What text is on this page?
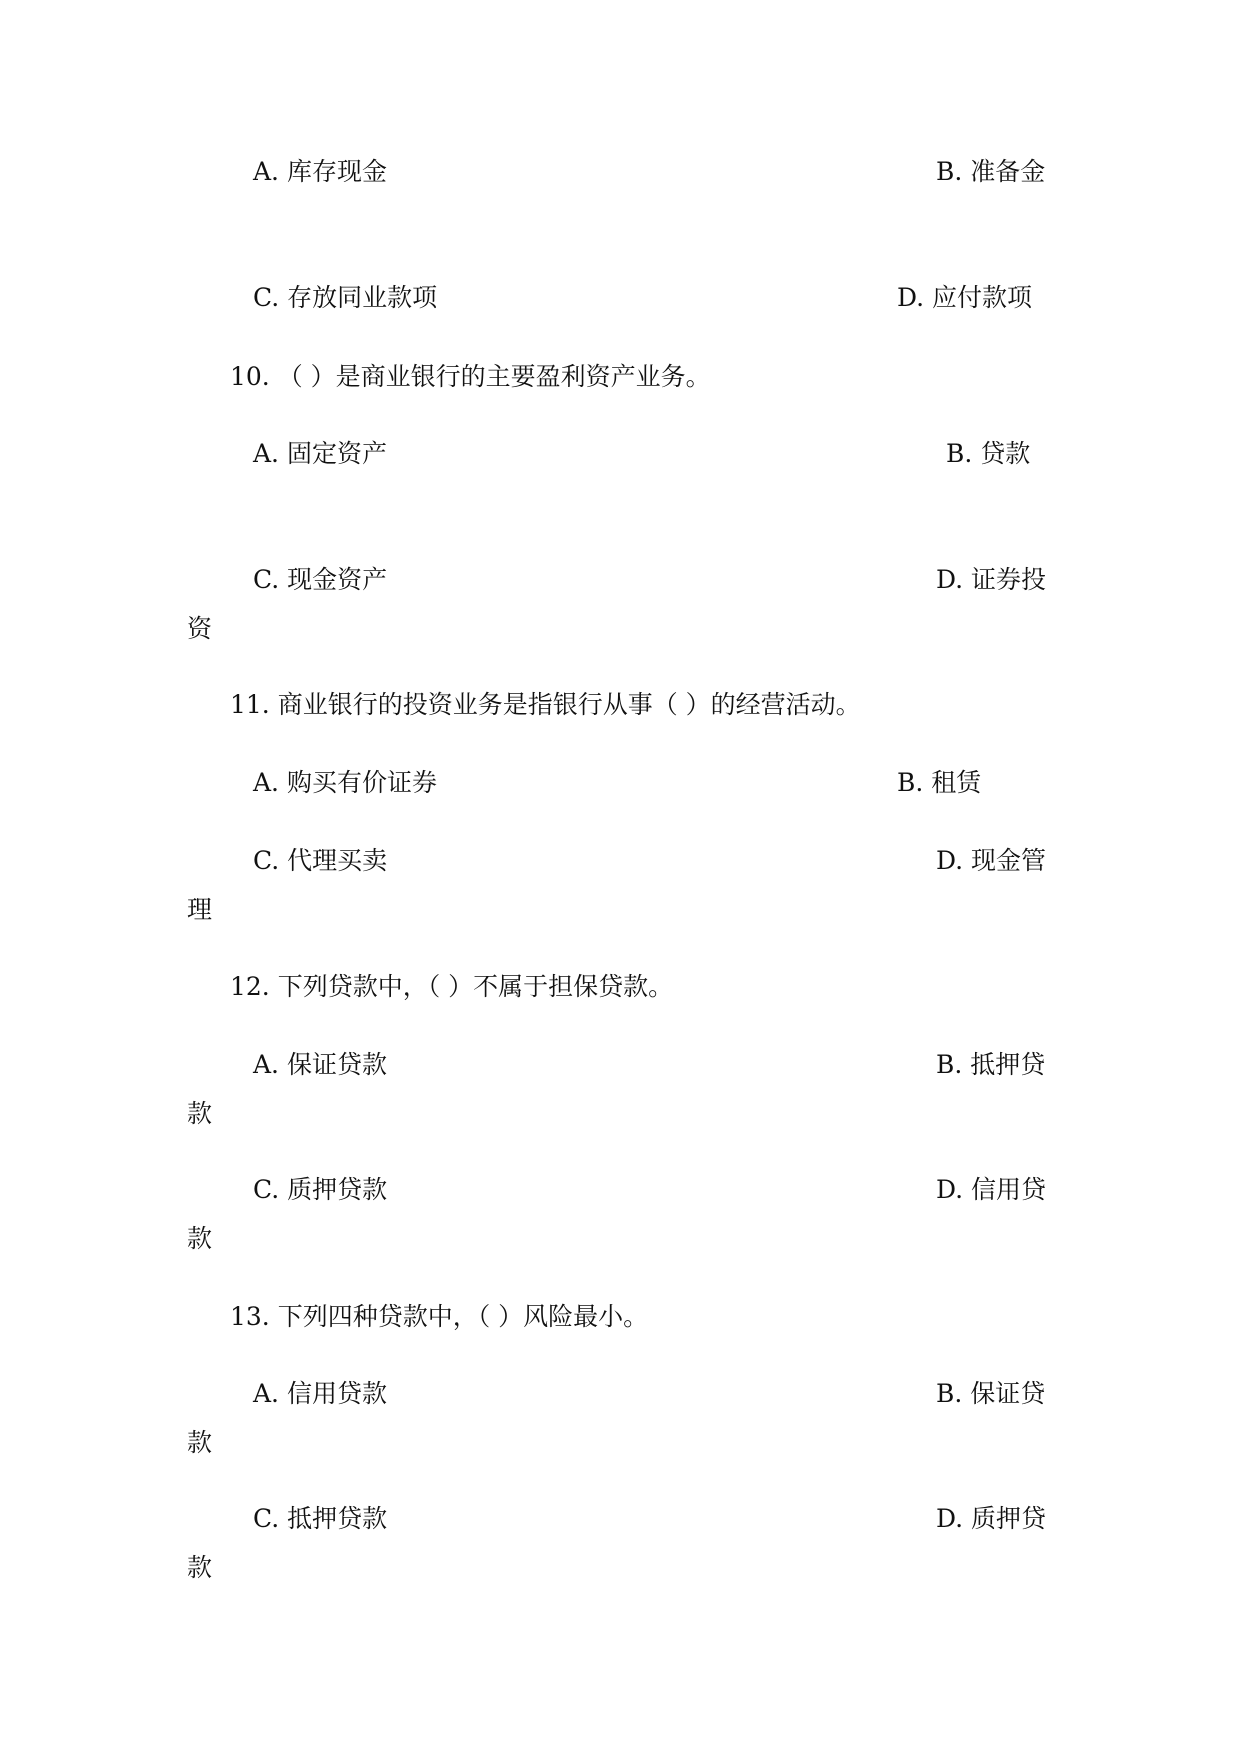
A. 库存现金	B. 准备金
C. 存放同业款项	D. 应付款项
10. （ ）是商业银行的主要盈利资产业务。
A. 固定资产	B. 贷款
C. 现金资产	D. 证券投
资
11. 商业银行的投资业务是指银行从事（ ）的经营活动。
A. 购买有价证券	B. 租赁
C. 代理买卖	D. 现金管
理
12. 下列贷款中，（ ）不属于担保贷款。
A. 保证贷款	B. 抵押贷
款
C. 质押贷款	D. 信用贷
款
13. 下列四种贷款中，（ ）风险最小。
A. 信用贷款	B. 保证贷
款
C. 抵押贷款	D. 质押贷
款
